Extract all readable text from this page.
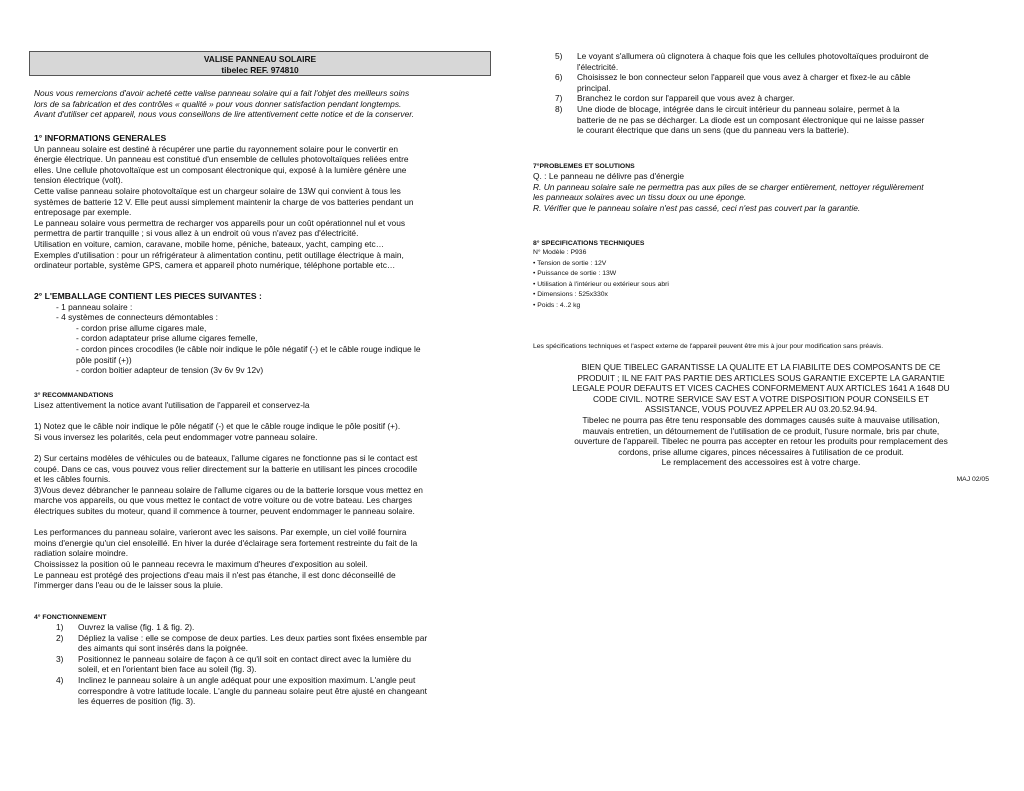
VALISE PANNEAU SOLAIRE
tibelec REF. 974810

Nous vous remercions d'avoir acheté cette valise panneau solaire qui a fait l'objet des meilleurs soins

lors de sa fabrication et des contrôles « qualité » pour vous donner satisfaction pendant longtemps.

Avant d'utiliser cet appareil, nous vous conseillons de lire attentivement cette notice et de la conserver.

1° INFORMATIONS GENERALES

Un panneau solaire est destiné à récupérer une partie du rayonnement solaire pour le convertir en

énergie électrique. Un panneau est constitué d'un ensemble de cellules photovoltaïques reliées entre

elles. Une cellule photovoltaïque est un composant électronique qui, exposé à la lumière génère une

tension électrique (volt).

Cette valise panneau solaire photovoltaïque est un chargeur solaire de 13W qui convient à tous les

systèmes de batterie 12 V. Elle peut aussi simplement maintenir la charge de vos batteries pendant un

entreposage par exemple.

Le panneau solaire vous permettra de recharger vos appareils pour un coût opérationnel nul et vous

permettra de partir tranquille ; si vous allez à un endroit où vous n'avez pas d'électricité.

Utilisation en voiture, camion, caravane, mobile home, péniche, bateaux, yacht, camping etc…

Exemples d'utilisation : pour un réfrigérateur à alimentation continu, petit outillage électrique à main,

ordinateur portable, système GPS, camera et appareil photo numérique, téléphone portable etc…

2° L'EMBALLAGE CONTIENT LES PIECES SUIVANTES :

- 1 panneau solaire :

- 4 systèmes de connecteurs démontables :

- cordon prise allume cigares male,

- cordon adaptateur prise allume cigares femelle,

- cordon pinces crocodiles (le câble noir indique le pôle négatif (-) et le câble rouge indique le

pôle positif (+))

- cordon boitier adapteur de tension (3v 6v 9v 12v)

3° RECOMMANDATIONS

Lisez attentivement la notice avant l'utilisation de l'appareil et conservez-la

1) Notez que le câble noir indique le pôle négatif (-) et que le câble rouge indique le pôle positif (+).

Si vous inversez les polarités, cela peut endommager votre panneau solaire.

2) Sur certains modèles de véhicules ou de bateaux, l'allume cigares ne fonctionne pas si le contact est

coupé. Dans ce cas, vous pouvez vous relier directement sur la batterie en utilisant les pinces crocodile

et les câbles fournis.

3)Vous devez débrancher le panneau solaire de l'allume cigares ou de la batterie lorsque vous mettez en

marche vos appareils, ou que vous mettez le contact de votre voiture ou de votre bateau. Les charges

électriques subites du moteur, quand il commence à tourner, peuvent endommager le panneau solaire.

Les performances du panneau solaire, varieront avec les saisons. Par exemple, un ciel voilé fournira

moins d'energie qu'un ciel ensoleillé. En hiver la durée d'éclairage sera fortement restreinte du fait de la

radiation solaire moindre.

Choississez la position où le panneau recevra le maximum d'heures d'exposition au soleil.

Le panneau est protégé des projections d'eau mais il n'est pas étanche, il est donc déconseillé de

l'immerger dans l'eau ou de le laisser sous la pluie.

4° FONCTIONNEMENT

1) Ouvrez la valise (fig. 1 & fig. 2).

2) Dépliez la valise : elle se compose de deux parties. Les deux parties sont fixées ensemble par

des aimants qui sont insérés dans la poignée.

3) Positionnez le panneau solaire de façon à ce qu'il soit en contact direct avec la lumière du

soleil, et en l'orientant bien face au soleil (fig. 3).

4) Inclinez le panneau solaire à un angle adéquat pour une exposition maximum. L'angle peut

correspondre à votre latitude locale. L'angle du panneau solaire peut être ajusté en changeant

les équerres de position (fig. 3).

5) Le voyant s'allumera où clignotera à chaque fois que les cellules photovoltaïques produiront de

l'électricité.

6) Choisissez le bon connecteur selon l'appareil que vous avez à charger et fixez-le au câble

principal.

7) Branchez le cordon sur l'appareil que vous avez à charger.

8) Une diode de blocage, intégrée dans le circuit intérieur du panneau solaire, permet à la

batterie de ne pas se décharger. La diode est un composant électronique qui ne laisse passer

le courant électrique que dans un sens (que du panneau vers la batterie).

7°PROBLEMES ET SOLUTIONS

Q. : Le panneau ne délivre pas d'énergie

R. Un panneau solaire sale ne permettra pas aux piles de se charger entièrement, nettoyer régulièrement

les panneaux solaires avec un tissu doux ou une éponge.

R. Vérifier que le panneau solaire n'est pas cassé, ceci n'est pas couvert par la garantie.

8° SPECIFICATIONS TECHNIQUES

N° Modèle : P936

• Tension de sortie : 12V

• Puissance de sortie : 13W

• Utilisation à l'intérieur ou extérieur sous abri

• Dimensions : 525x330x

• Poids : 4..2 kg

Les spécifications techniques et l'aspect externe de l'appareil peuvent être mis à jour pour modification sans préavis.

BIEN QUE TIBELEC GARANTISSE LA QUALITE ET LA FIABILITE DES COMPOSANTS DE CE

PRODUIT ; IL NE FAIT PAS PARTIE DES ARTICLES SOUS GARANTIE EXCEPTE LA GARANTIE

LEGALE POUR DEFAUTS ET VICES CACHES CONFORMEMENT AUX ARTICLES 1641 A 1648 DU

CODE CIVIL. NOTRE SERVICE SAV EST A VOTRE DISPOSITION POUR CONSEILS ET

ASSISTANCE, VOUS POUVEZ APPELER AU 03.20.52.94.94.

Tibelec ne pourra pas être tenu responsable des dommages causés suite à mauvaise utilisation,

mauvais entretien, un détournement de l'utilisation de ce produit, l'usure normale, bris par chute,

ouverture de l'appareil. Tibelec ne pourra pas accepter en retour les produits pour remplacement des

cordons, prise allume cigares, pinces nécessaires à l'utilisation de ce produit.

Le remplacement des accessoires est à votre charge.

MAJ 02/05
